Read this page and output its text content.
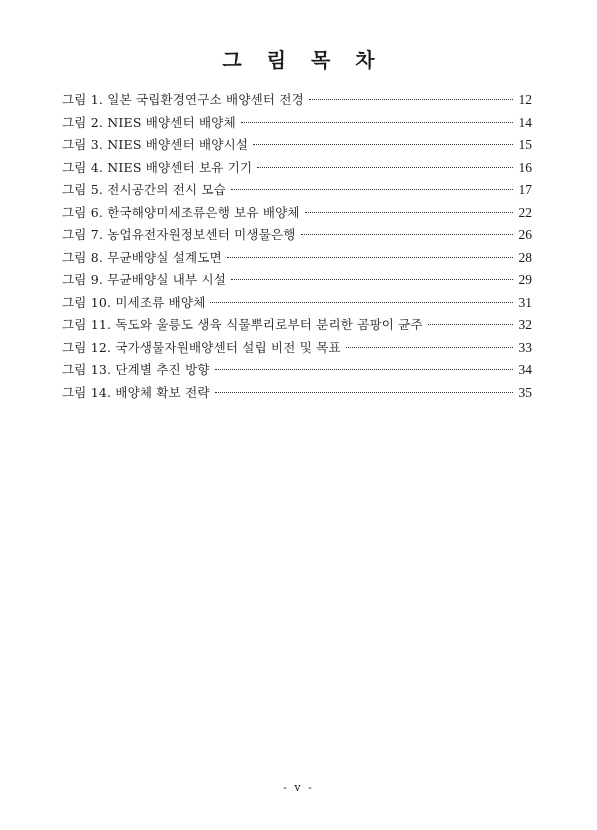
그 림 목 차
그림 1. 일본 국립환경연구소 배양센터 전경	12
그림 2. NIES 배양센터 배양체	14
그림 3. NIES 배양센터 배양시설	15
그림 4. NIES 배양센터 보유 기기	16
그림 5. 전시공간의 전시 모습	17
그림 6. 한국해양미세조류은행 보유 배양체	22
그림 7. 농업유전자원정보센터 미생물은행	26
그림 8. 무균배양실 설계도면	28
그림 9. 무균배양실 내부 시설	29
그림 10. 미세조류 배양체	31
그림 11. 독도와 울릉도 생육 식물뿌리로부터 분리한 곰팡이 균주	32
그림 12. 국가생물자원배양센터 설립 비전 및 목표	33
그림 13. 단계별 추진 방향	34
그림 14. 배양체 확보 전략	35
- v -
